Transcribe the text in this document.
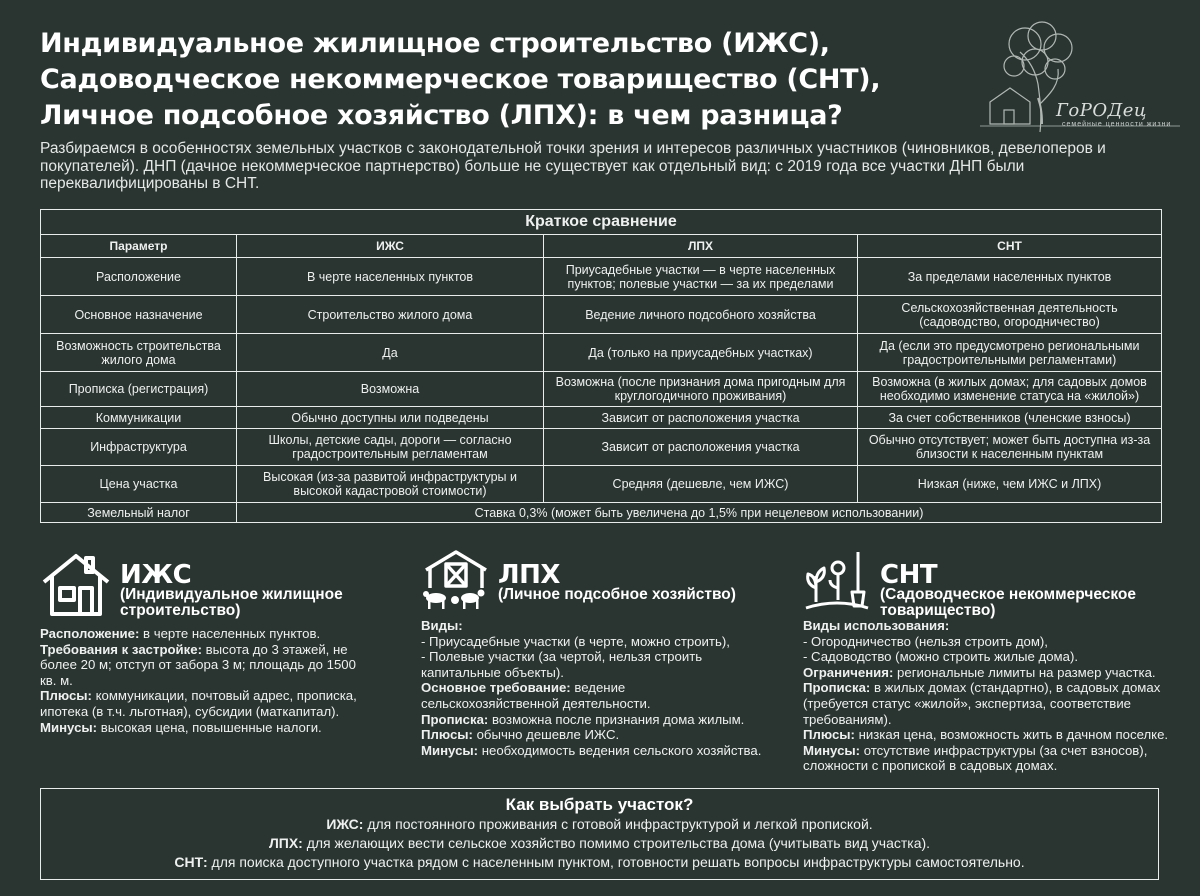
Индивидуальное жилищное строительство (ИЖС),
Садоводческое некоммерческое товарищество (СНТ),
Личное подсобное хозяйство (ЛПХ): в чем разница?	ГоРОДец
семейные ценности жизни

Разбираемся в особенностях земельных участков с законодательной точки зрения и интересов различных участников (чиновников, девелоперов и покупателей). ДНП (дачное некоммерческое партнерство) больше не существует как отдельный вид: с 2019 года все участки ДНП были переквалифицированы в СНТ.

Краткое сравнение			
Параметр	ИЖС	ЛПХ	СНТ
Расположение	В черте населенных пунктов	Приусадебные участки — в черте населенных пунктов; полевые участки — за их пределами	За пределами населенных пунктов
Основное назначение	Строительство жилого дома	Ведение личного подсобного хозяйства	Сельскохозяйственная деятельность (садоводство, огородничество)
Возможность строительства жилого дома	Да	Да (только на приусадебных участках)	Да (если это предусмотрено региональными градостроительными регламентами)
Прописка (регистрация)	Возможна	Возможна (после признания дома пригодным для круглогодичного проживания)	Возможна (в жилых домах; для садовых домов необходимо изменение статуса на «жилой»)
Коммуникации	Обычно доступны или подведены	Зависит от расположения участка	За счет собственников (членские взносы)
Инфраструктура	Школы, детские сады, дороги — согласно градостроительным регламентам	Зависит от расположения участка	Обычно отсутствует; может быть доступна из-за близости к населенным пунктам
Цена участка	Высокая (из-за развитой инфраструктуры и высокой кадастровой стоимости)	Средняя (дешевле, чем ИЖС)	Низкая (ниже, чем ИЖС и ЛПХ)
Земельный налог	Ставка 0,3% (может быть увеличена до 1,5% при нецелевом использовании)		
ИЖС
(Индивидуальное жилищное строительство)

Расположение: в черте населенных пунктов.

Требования к застройке: высота до 3 этажей, не более 20 м; отступ от забора 3 м; площадь до 1500 кв. м.

Плюсы: коммуникации, почтовый адрес, прописка, ипотека (в т.ч. льготная), субсидии (маткапитал).

Минусы: высокая цена, повышенные налоги.

ЛПХ
(Личное подсобное хозяйство)

Виды:

- Приусадебные участки (в черте, можно строить),

- Полевые участки (за чертой, нельзя строить капитальные объекты).

Основное требование: ведение сельскохозяйственной деятельности.

Прописка: возможна после признания дома жилым.

Плюсы: обычно дешевле ИЖС.

Минусы: необходимость ведения сельского хозяйства.

СНТ
(Садоводческое некоммерческое товарищество)

Виды использования:

- Огородничество (нельзя строить дом),

- Садоводство (можно строить жилые дома).

Ограничения: региональные лимиты на размер участка.

Прописка: в жилых домах (стандартно), в садовых домах (требуется статус «жилой», экспертиза, соответствие требованиям).

Плюсы: низкая цена, возможность жить в дачном поселке.

Минусы: отсутствие инфраструктуры (за счет взносов), сложности с пропиской в садовых домах.

Как выбрать участок?

ИЖС: для постоянного проживания с готовой инфраструктурой и легкой пропиской.

ЛПХ: для желающих вести сельское хозяйство помимо строительства дома (учитывать вид участка).

СНТ: для поиска доступного участка рядом с населенным пунктом, готовности решать вопросы инфраструктуры самостоятельно.
